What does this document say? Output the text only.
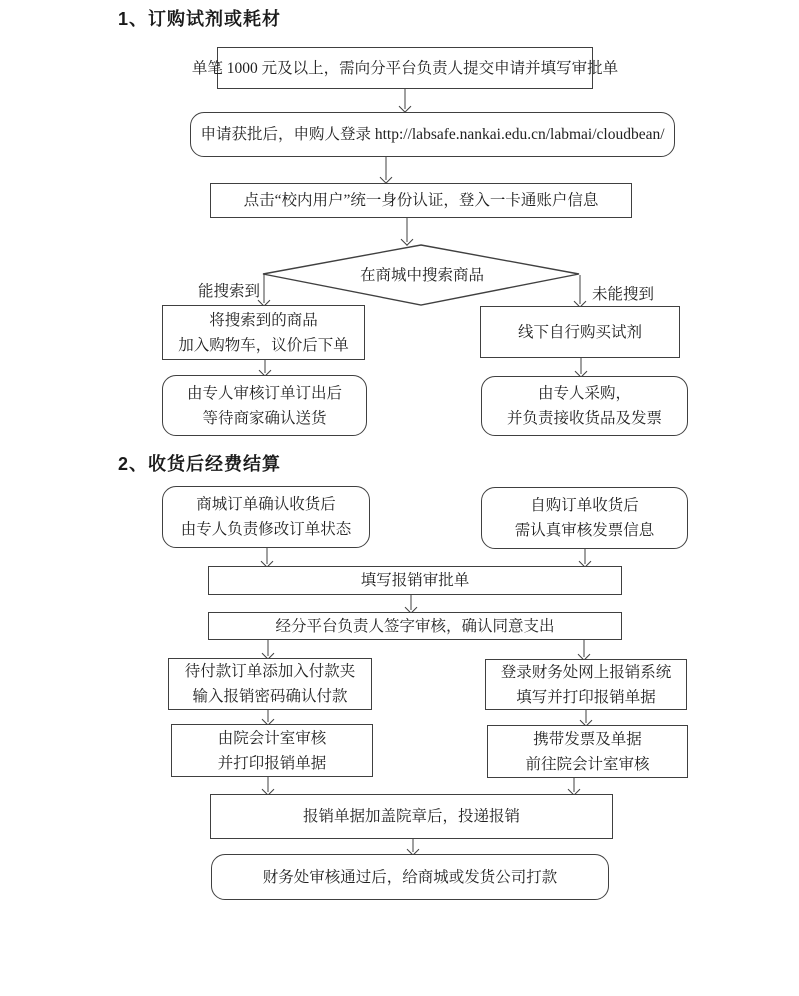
1、订购试剂或耗材
单笔 1000 元及以上，需向分平台负责人提交申请并填写审批单
申请获批后，申购人登录 http://labsafe.nankai.edu.cn/labmai/cloudbean/
点击“校内用户”统一身份认证，登入一卡通账户信息
在商城中搜索商品
能搜索到	未能搜到
将搜索到的商品
加入购物车，议价后下单
线下自行购买试剂
由专人审核订单订出后
等待商家确认送货
由专人采购，
并负责接收货品及发票
2、收货后经费结算
商城订单确认收货后
由专人负责修改订单状态
自购订单收货后
需认真审核发票信息
填写报销审批单
经分平台负责人签字审核，确认同意支出
待付款订单添加入付款夹
输入报销密码确认付款
登录财务处网上报销系统
填写并打印报销单据
由院会计室审核
并打印报销单据
携带发票及单据
前往院会计室审核
报销单据加盖院章后，投递报销
财务处审核通过后，给商城或发货公司打款
